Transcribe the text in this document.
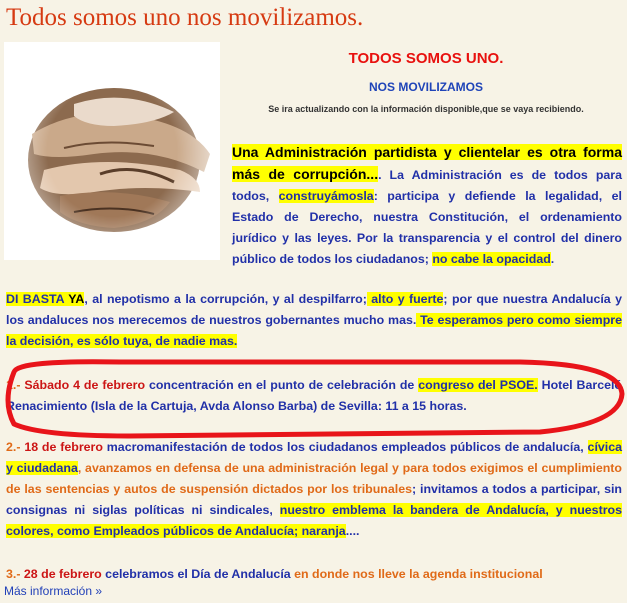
Todos somos uno nos movilizamos.
TODOS SOMOS UNO.
NOS MOVILIZAMOS
Se ira actualizando con la información disponible,que se vaya recibiendo.
Una Administración partidista y clientelar es otra forma más de corrupción.... La Administración es de todos para todos, construyámosla: participa y defiende la legalidad, el Estado de Derecho, nuestra Constitución, el ordenamiento jurídico y las leyes. Por la transparencia y el control del dinero público de todos los ciudadanos; no cabe la opacidad.
DI BASTA YA, al nepotismo a la corrupción, y al despilfarro; alto y fuerte; por que nuestra Andalucía y los andaluces nos merecemos de nuestros gobernantes mucho mas. Te esperamos pero como siempre la decisión, es sólo tuya, de nadie mas.
1.- Sábado 4 de febrero concentración en el punto de celebración de congreso del PSOE. Hotel Barceló Renacimiento (Isla de la Cartuja, Avda Alonso Barba) de Sevilla: 11 a 15 horas.
2.- 18 de febrero macromanifestación de todos los ciudadanos empleados públicos de andalucía, cívica y ciudadana, avanzamos en defensa de una administración legal y para todos exigimos el cumplimiento de las sentencias y autos de suspensión dictados por los tribunales; invitamos a todos a participar, sin consignas ni siglas políticas ni sindicales, nuestro emblema la bandera de Andalucía, y nuestros colores, como Empleados públicos de Andalucía; naranja....
3.- 28 de febrero celebramos el Día de Andalucía en donde nos lleve la agenda institucional
Más información »
